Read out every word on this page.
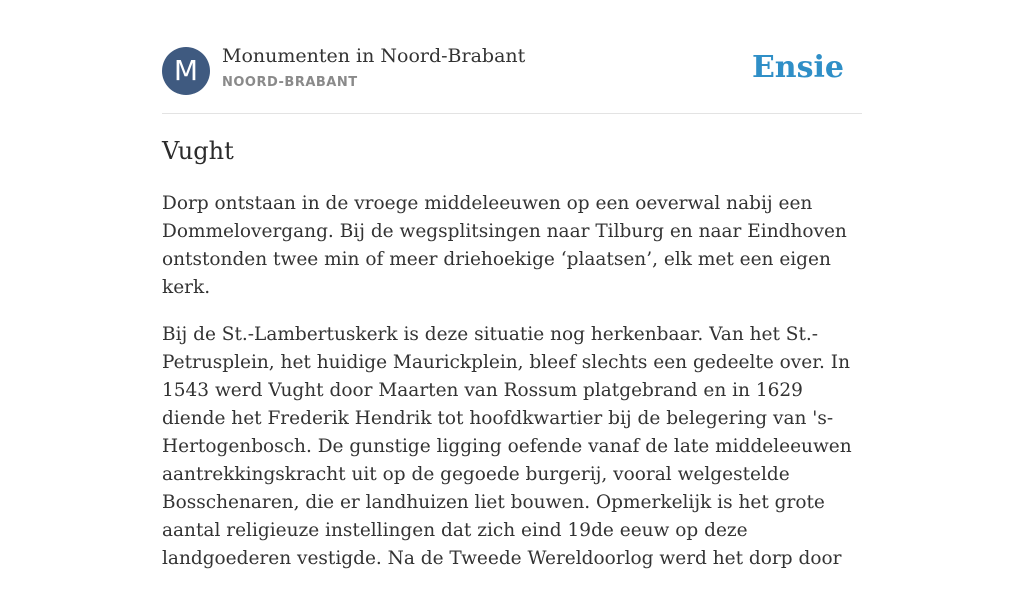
M	Monumenten in Noord-Brabant
NOORD-BRABANT	Ensie
Vught

Dorp ontstaan in de vroege middeleeuwen op een oeverwal nabij een Dommelovergang. Bij de wegsplitsingen naar Tilburg en naar Eindhoven ontstonden twee min of meer driehoekige ‘plaatsen’, elk met een eigen kerk.

Bij de St.-Lambertuskerk is deze situatie nog herkenbaar. Van het St.-Petrusplein, het huidige Maurickplein, bleef slechts een gedeelte over. In 1543 werd Vught door Maarten van Rossum platgebrand en in 1629 diende het Frederik Hendrik tot hoofdkwartier bij de belegering van 's-Hertogenbosch. De gunstige ligging oefende vanaf de late middeleeuwen aantrekkingskracht uit op de gegoede burgerij, vooral welgestelde Bosschenaren, die er landhuizen liet bouwen. Opmerkelijk is het grote aantal religieuze instellingen dat zich eind 19de eeuw op deze landgoederen vestigde. Na de Tweede Wereldoorlog werd het dorp door
